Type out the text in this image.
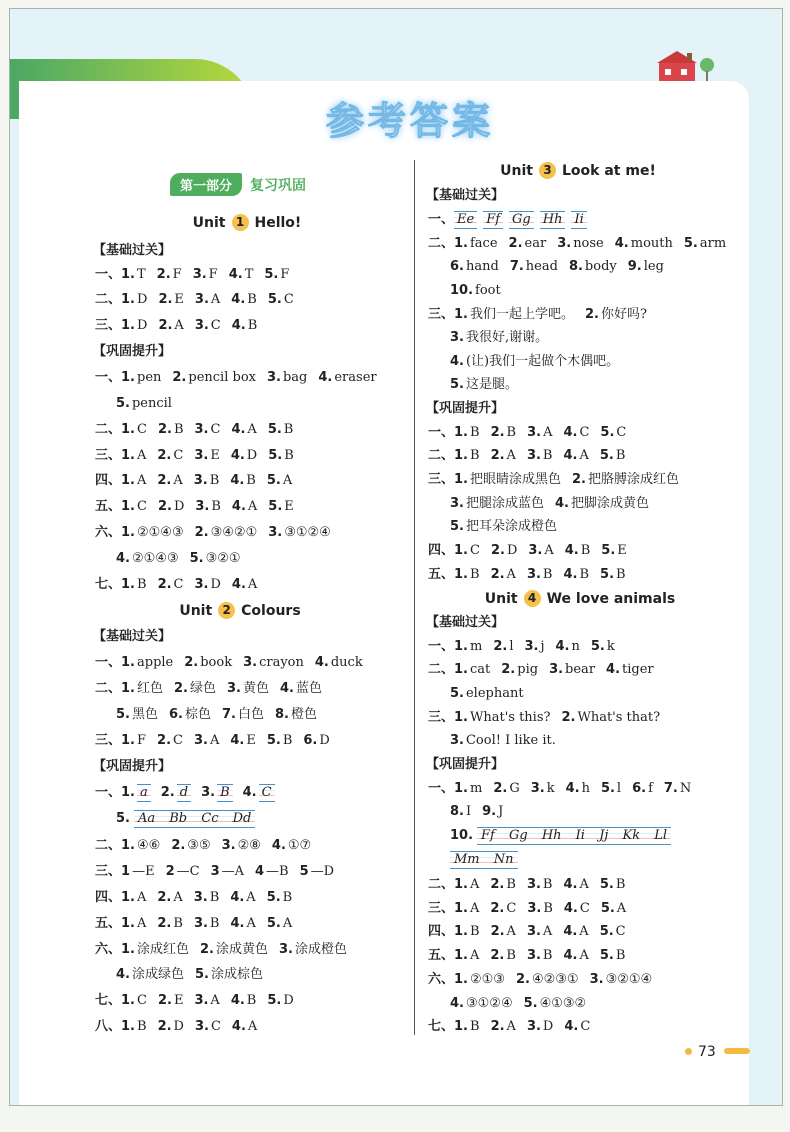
参考答案
第一部分 复习巩固
Unit 1 Hello!
【基础过关】
一、1. T 2. F 3. F 4. T 5. F
二、1. D 2. E 3. A 4. B 5. C
三、1. D 2. A 3. C 4. B
【巩固提升】
一、1. pen 2. pencil box 3. bag 4. eraser
5. pencil
二、1. C 2. B 3. C 4. A 5. B
三、1. A 2. C 3. E 4. D 5. B
四、1. A 2. A 3. B 4. B 5. A
五、1. C 2. D 3. B 4. A 5. E
六、1. ②①④③ 2. ③④②① 3. ③①②④
4. ②①④③ 5. ③②①
七、1. B 2. C 3. D 4. A
Unit 2 Colours
【基础过关】
一、1. apple 2. book 3. crayon 4. duck
二、1. 红色 2. 绿色 3. 黄色 4. 蓝色
5. 黑色 6. 棕色 7. 白色 8. 橙色
三、1. F 2. C 3. A 4. E 5. B 6. D
【巩固提升】
一、1. a 2. d 3. B 4. C
5. Aa Bb Cc Dd
二、1. ④⑥ 2. ③⑤ 3. ②⑧ 4. ①⑦
三、1 —E 2 —C 3 —A 4 —B 5 —D
四、1. A 2. A 3. B 4. A 5. B
五、1. A 2. B 3. B 4. A 5. A
六、1. 涂成红色 2. 涂成黄色 3. 涂成橙色
4. 涂成绿色 5. 涂成棕色
七、1. C 2. E 3. A 4. B 5. D
八、1. B 2. D 3. C 4. A
Unit 3 Look at me!
【基础过关】
一、 Ee Ff Gg Hh Ii
二、1. face 2. ear 3. nose 4. mouth 5. arm
6. hand 7. head 8. body 9. leg
10. foot
三、1. 我们一起上学吧。 2. 你好吗?
3. 我很好,谢谢。
4. (让)我们一起做个木偶吧。
5. 这是腿。
【巩固提升】
一、1. B 2. B 3. A 4. C 5. C
二、1. B 2. A 3. B 4. A 5. B
三、1. 把眼睛涂成黑色 2. 把胳膊涂成红色
3. 把腿涂成蓝色 4. 把脚涂成黄色
5. 把耳朵涂成橙色
四、1. C 2. D 3. A 4. B 5. E
五、1. B 2. A 3. B 4. B 5. B
Unit 4 We love animals
【基础过关】
一、1. m 2. l 3. j 4. n 5. k
二、1. cat 2. pig 3. bear 4. tiger
5. elephant
三、1. What's this? 2. What's that?
3. Cool! I like it.
【巩固提升】
一、1. m 2. G 3. k 4. h 5. l 6. f 7. N
8. I 9. J
10. Ff Gg Hh Ii Jj Kk Ll
Mm Nn
二、1. A 2. B 3. B 4. A 5. B
三、1. A 2. C 3. B 4. C 5. A
四、1. B 2. A 3. A 4. A 5. C
五、1. A 2. B 3. B 4. A 5. B
六、1. ②①③ 2. ④②③① 3. ③②①④
4. ③①②④ 5. ④①③②
七、1. B 2. A 3. D 4. C
73
